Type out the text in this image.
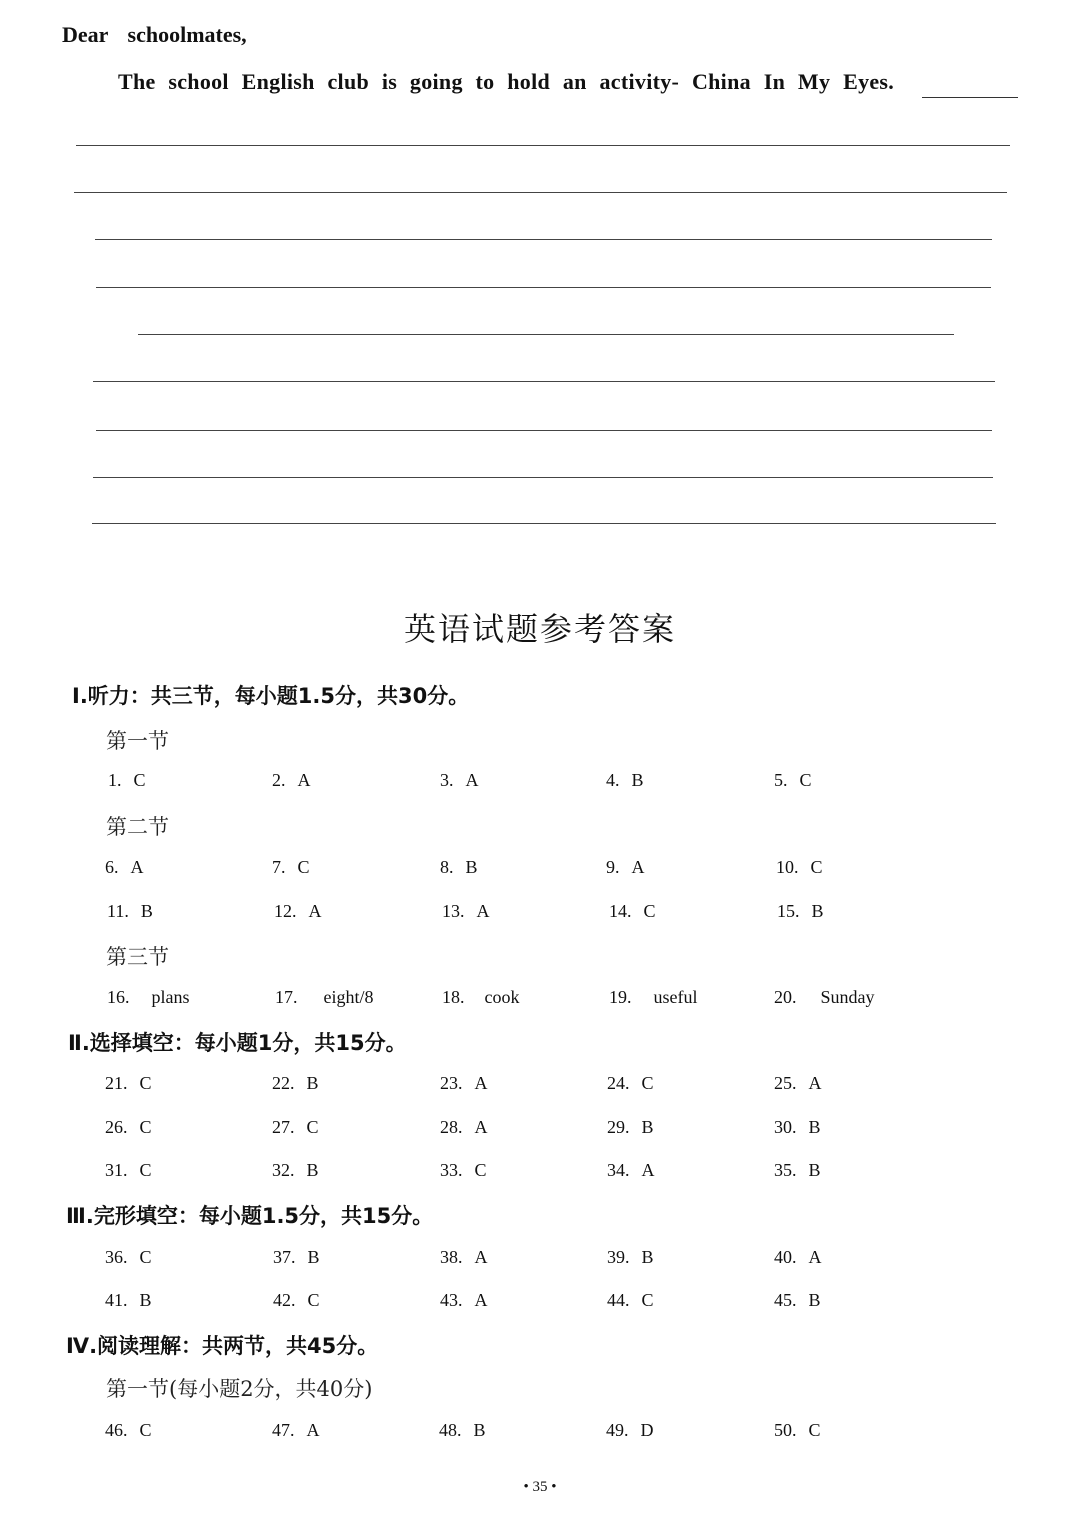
Dear schoolmates,
The school English club is going to hold an activity- China In My Eyes.
英语试题参考答案
Ⅰ.听力：共三节，每小题1.5分，共30分。
第一节
1. C	2. A	3. A	4. B	5. C
第二节
6. A	7. C	8. B	9. A	10. C
11. B	12. A	13. A	14. C	15. B
第三节
16. plans	17. eight/8	18. cook	19. useful	20. Sunday
Ⅱ.选择填空：每小题1分，共15分。
21. C	22. B	23. A	24. C	25. A
26. C	27. C	28. A	29. B	30. B
31. C	32. B	33. C	34. A	35. B
Ⅲ.完形填空：每小题1.5分，共15分。
36. C	37. B	38. A	39. B	40. A
41. B	42. C	43. A	44. C	45. B
Ⅳ.阅读理解：共两节，共45分。
第一节(每小题2分，共40分)
46. C	47. A	48. B	49. D	50. C
• 35 •
